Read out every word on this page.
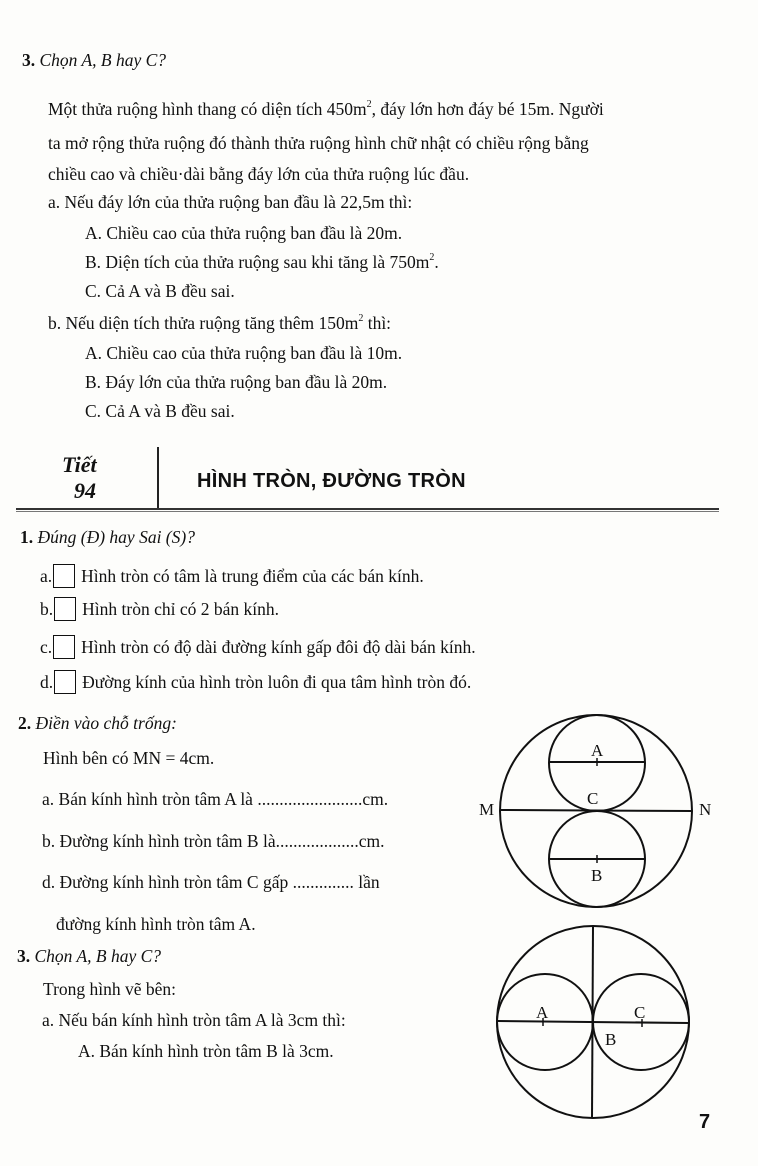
3. Chọn A, B hay C?
Một thửa ruộng hình thang có diện tích $450m^2$, đáy lớn hơn đáy bé 15m. Người
ta mở rộng thửa ruộng đó thành thửa ruộng hình chữ nhật có chiều rộng bằng
chiều cao và chiều·dài bằng đáy lớn của thửa ruộng lúc đầu.
a. Nếu đáy lớn của thửa ruộng ban đầu là 22,5m thì:
A. Chiều cao của thửa ruộng ban đầu là 20m.
B. Diện tích của thửa ruộng sau khi tăng là $750m^2$.
C. Cả A và B đều sai.
b. Nếu diện tích thửa ruộng tăng thêm $150m^2$ thì:
A. Chiều cao của thửa ruộng ban đầu là 10m.
B. Đáy lớn của thửa ruộng ban đầu là 20m.
C. Cả A và B đều sai.
Tiết
94	HÌNH TRÒN, ĐƯỜNG TRÒN
1. Đúng (Đ) hay Sai (S)?
a. Hình tròn có tâm là trung điểm của các bán kính.
b. Hình tròn chỉ có 2 bán kính.
c. Hình tròn có độ dài đường kính gấp đôi độ dài bán kính.
d. Đường kính của hình tròn luôn đi qua tâm hình tròn đó.
2. Điền vào chỗ trống:
Hình bên có MN = 4cm.
a. Bán kính hình tròn tâm A là ........................cm.
b. Đường kính hình tròn tâm B là...................cm.
d. Đường kính hình tròn tâm C gấp .............. lần
đường kính hình tròn tâm A.
A
C
B
M	N
3. Chọn A, B hay C?
Trong hình vẽ bên:
a. Nếu bán kính hình tròn tâm A là 3cm thì:
A. Bán kính hình tròn tâm B là 3cm.
A	C
B
7
